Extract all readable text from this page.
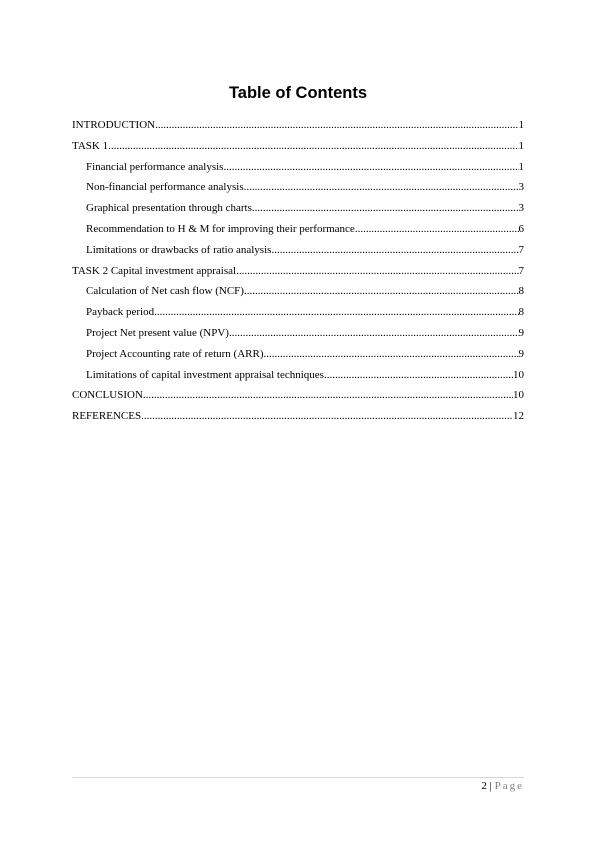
Table of Contents
INTRODUCTION .....	1
TASK 1 .....	1
Financial performance analysis .....	1
Non-financial performance analysis .....	3
Graphical presentation through charts .....	3
Recommendation to H & M for improving their performance .....	6
Limitations or drawbacks of ratio analysis .....	7
TASK 2 Capital investment appraisal .....	7
Calculation of Net cash flow (NCF) .....	8
Payback period .....	8
Project Net present value (NPV) .....	9
Project Accounting rate of return (ARR) .....	9
Limitations of capital investment appraisal techniques .....	10
CONCLUSION .....	10
REFERENCES .....	12
2 | Page
